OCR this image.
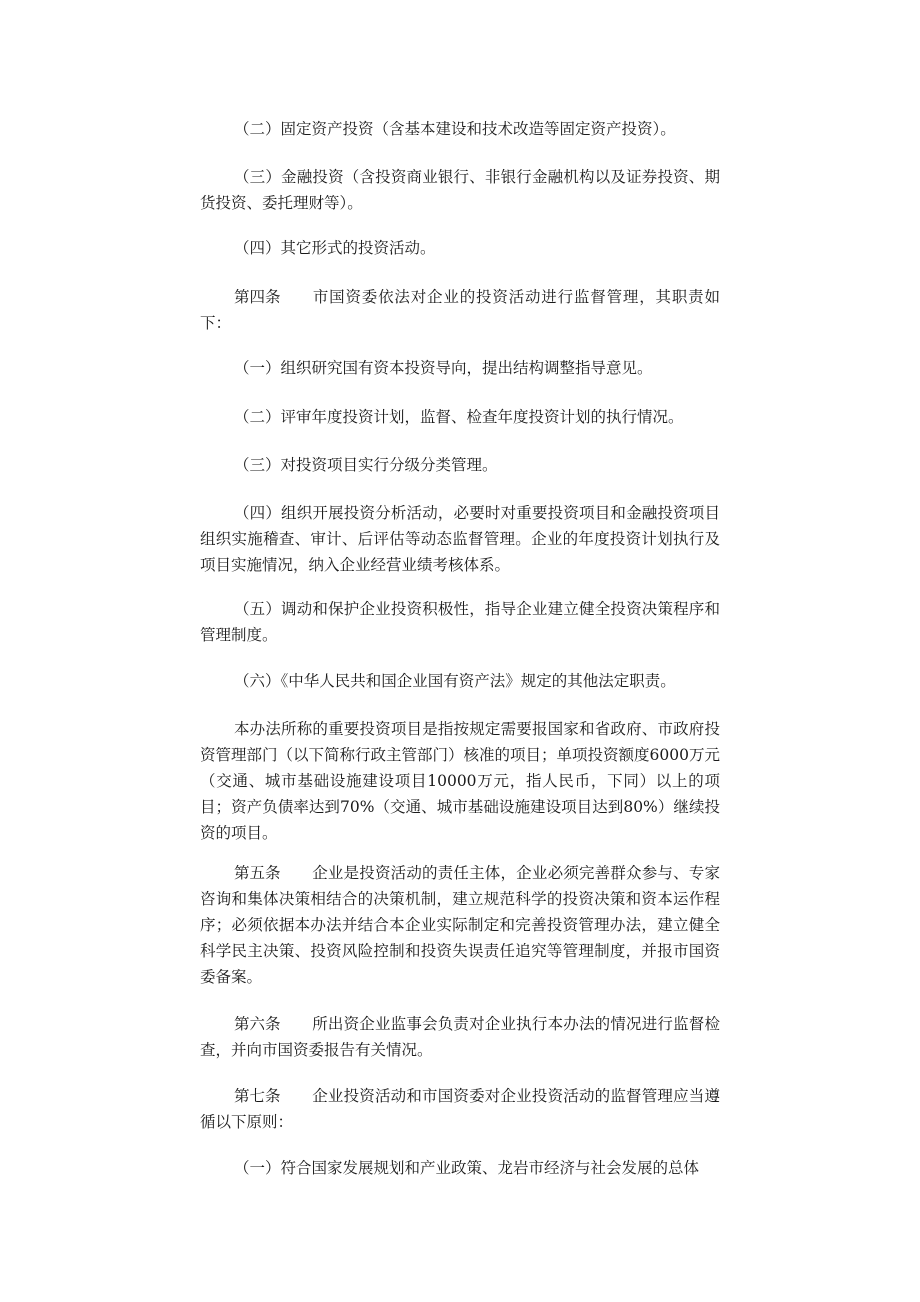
（二）固定资产投资（含基本建设和技术改造等固定资产投资）。

（三）金融投资（含投资商业银行、非银行金融机构以及证券投资、期货投资、委托理财等）。

（四）其它形式的投资活动。

第四条 市国资委依法对企业的投资活动进行监督管理，其职责如下：

（一）组织研究国有资本投资导向，提出结构调整指导意见。

（二）评审年度投资计划，监督、检查年度投资计划的执行情况。

（三）对投资项目实行分级分类管理。

（四）组织开展投资分析活动，必要时对重要投资项目和金融投资项目组织实施稽查、审计、后评估等动态监督管理。企业的年度投资计划执行及项目实施情况，纳入企业经营业绩考核体系。

（五）调动和保护企业投资积极性，指导企业建立健全投资决策程序和管理制度。

（六）《中华人民共和国企业国有资产法》规定的其他法定职责。

本办法所称的重要投资项目是指按规定需要报国家和省政府、市政府投资管理部门（以下简称行政主管部门）核准的项目；单项投资额度6000万元（交通、城市基础设施建设项目10000万元，指人民币，下同）以上的项目；资产负债率达到70%（交通、城市基础设施建设项目达到80%）继续投资的项目。

第五条 企业是投资活动的责任主体，企业必须完善群众参与、专家咨询和集体决策相结合的决策机制，建立规范科学的投资决策和资本运作程序；必须依据本办法并结合本企业实际制定和完善投资管理办法，建立健全科学民主决策、投资风险控制和投资失误责任追究等管理制度，并报市国资委备案。

第六条 所出资企业监事会负责对企业执行本办法的情况进行监督检查，并向市国资委报告有关情况。

第七条 企业投资活动和市国资委对企业投资活动的监督管理应当遵循以下原则：

（一）符合国家发展规划和产业政策、龙岩市经济与社会发展的总体
